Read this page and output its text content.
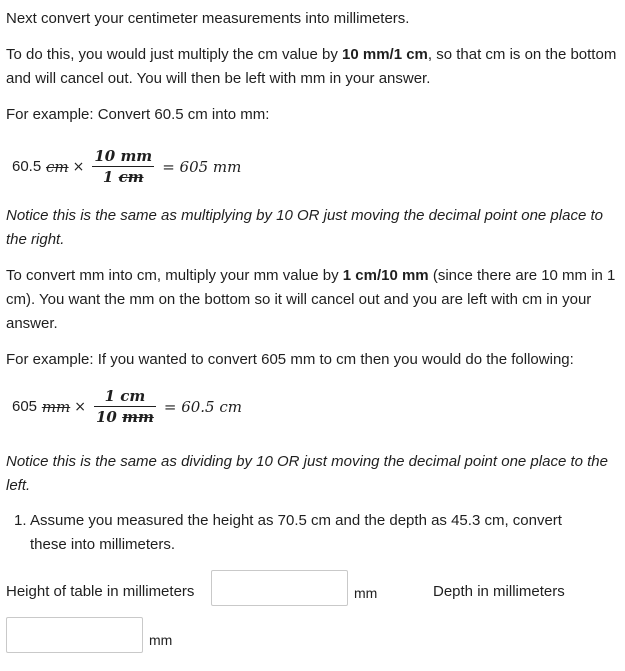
Next convert your centimeter measurements into millimeters.

To do this, you would just multiply the cm value by 10 mm/1 cm, so that cm is on the bottom and will cancel out. You will then be left with mm in your answer.

For example: Convert 60.5 cm into mm:

60.5
cm × $\frac{10 mm}{1 cm} = 605$ mm

Notice this is the same as multiplying by 10 OR just moving the decimal point one place to the right.

To convert mm into cm, multiply your mm value by 1 cm/10 mm (since there are 10 mm in 1 cm). You want the mm on the bottom so it will cancel out and you are left with cm in your answer.

For example: If you wanted to convert 605 mm to cm then you would do the following:

605
mm × $\frac{1 cm}{10 mm} = 60.5$ cm

Notice this is the same as dividing by 10 OR just moving the decimal point one place to the left.

1. Assume you measured the height as 70.5 cm and the depth as 45.3 cm, convert
these into millimeters.
Height of table in millimeters	mm	Depth in millimeters
mm
